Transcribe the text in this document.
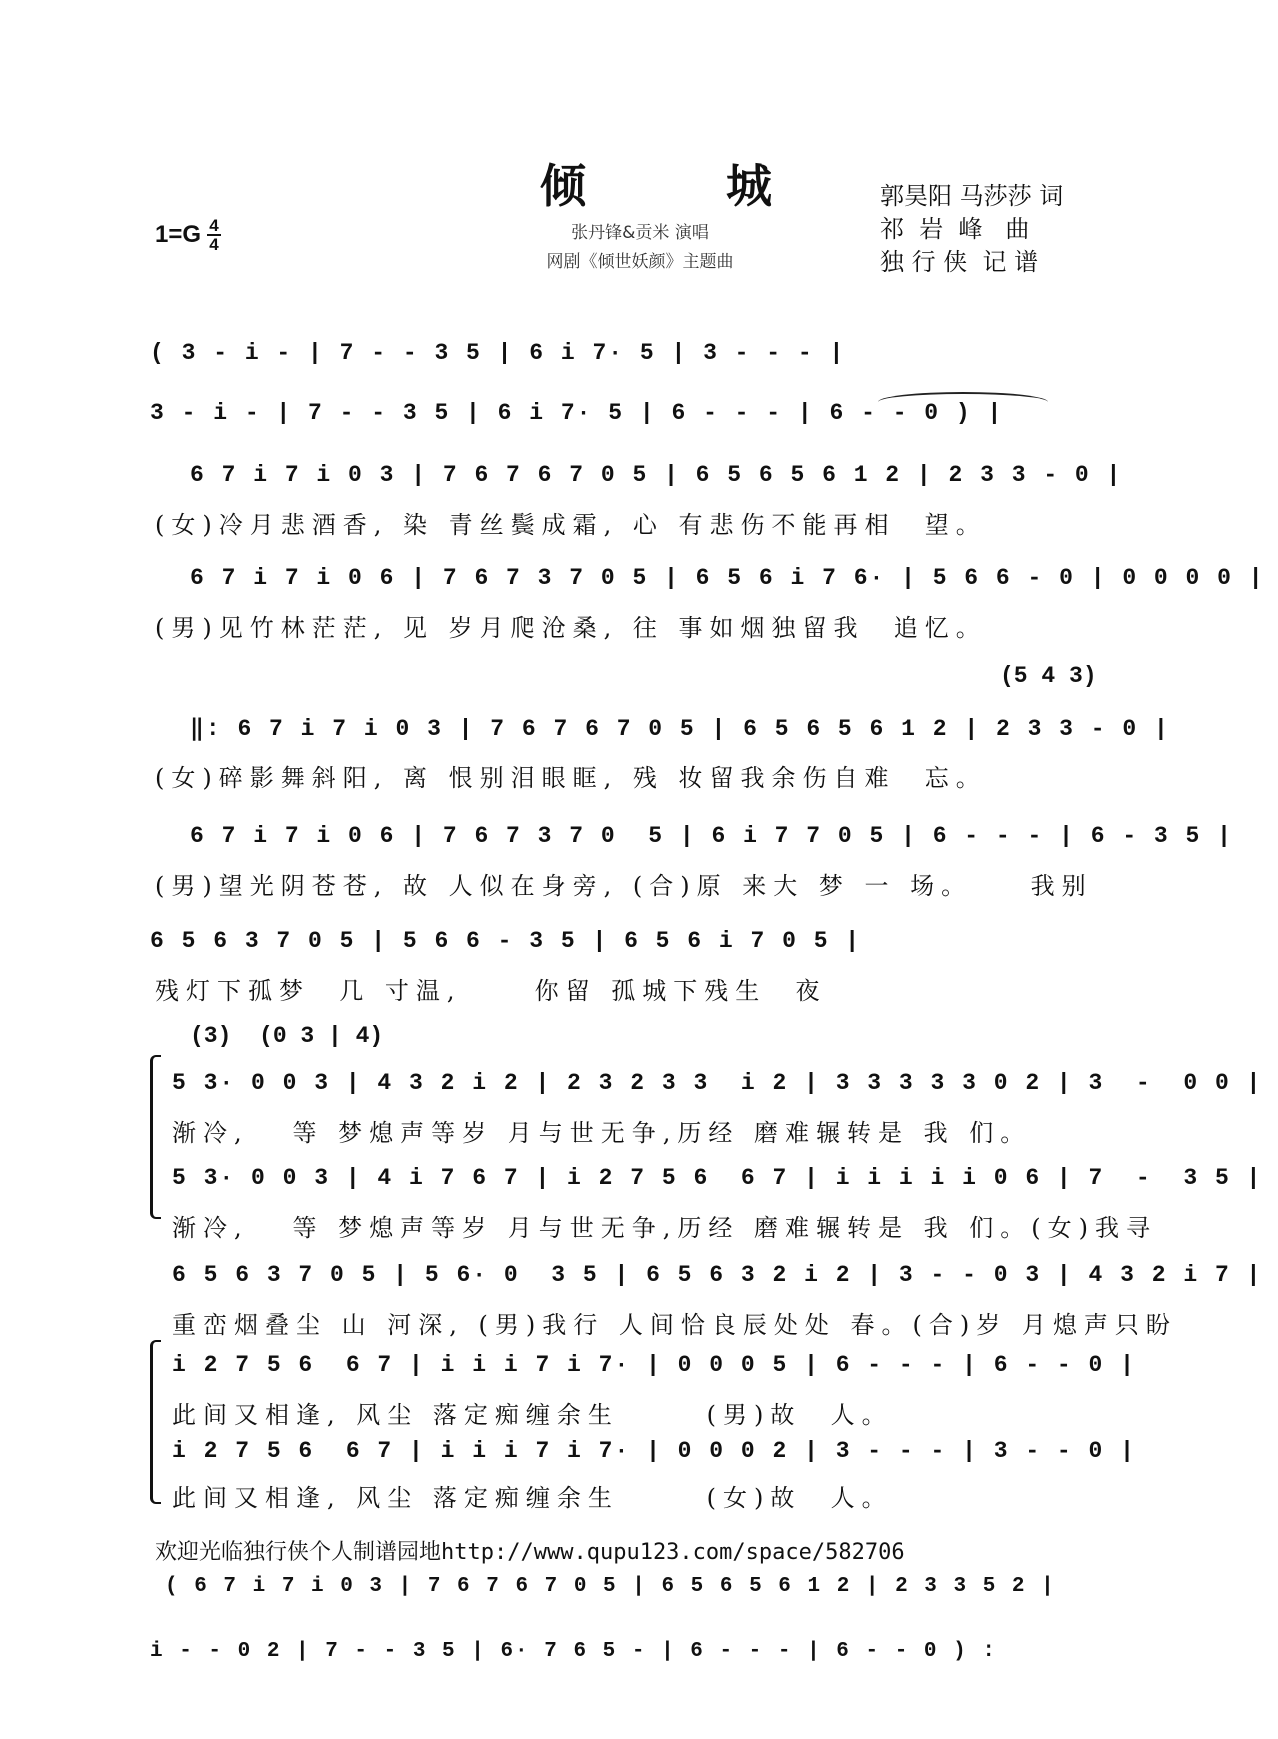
倾 城
1=G 4
4
张丹锋&贡米 演唱
网剧《倾世妖颜》主题曲
郭昊阳 马莎莎 词
祁  岩  峰   曲
独 行 侠  记 谱
( 3 - i - | 7 - - 3 5 | 6 i 7· 5 | 3 - - - |
3 - i - | 7 - - 3 5 | 6 i 7· 5 | 6 - - - | 6 - - 0 ) |
6 7 i 7 i 0 3 | 7 6 7 6 7 0 5 | 6 5 6 5 6 1 2 | 2 3 3 - 0 |
(女)冷月悲酒香, 染 青丝鬓成霜, 心 有悲伤不能再相  望。
6 7 i 7 i 0 6 | 7 6 7 3 7 0 5 | 6 5 6 i 7 6· | 5 6 6 - 0 | 0 0 0 0 |
(男)见竹林茫茫, 见 岁月爬沧桑, 往 事如烟独留我  追忆。
(5 4 3)
‖: 6 7 i 7 i 0 3 | 7 6 7 6 7 0 5 | 6 5 6 5 6 1 2 | 2 3 3 - 0 |
(女)碎影舞斜阳, 离 恨别泪眼眶, 残 妆留我余伤自难  忘。
6 7 i 7 i 0 6 | 7 6 7 3 7 0  5 | 6 i 7 7 0 5 | 6 - - - | 6 - 3 5 |
(男)望光阴苍苍, 故 人似在身旁, (合)原 来大 梦 一 场。    我别
6 5 6 3 7 0 5 | 5 6 6 - 3 5 | 6 5 6 i 7 0 5 |
残灯下孤梦  几 寸温,     你留 孤城下残生  夜
(3)  (0 3 | 4)
5 3· 0 0 3 | 4 3 2 i 2 | 2 3 2 3 3  i 2 | 3 3 3 3 3 0 2 | 3  -  0 0 |
渐冷,   等 梦熄声等岁 月与世无争,历经 磨难辗转是 我 们。
5 3· 0 0 3 | 4 i 7 6 7 | i 2 7 5 6  6 7 | i i i i i 0 6 | 7  -  3 5 |
渐冷,   等 梦熄声等岁 月与世无争,历经 磨难辗转是 我 们。(女)我寻
6 5 6 3 7 0 5 | 5 6· 0  3 5 | 6 5 6 3 2 i 2 | 3 - - 0 3 | 4 3 2 i 7 |
重峦烟叠尘 山 河深, (男)我行 人间恰良辰处处 春。(合)岁 月熄声只盼
i 2 7 5 6  6 7 | i i i 7 i 7· | 0 0 0 5 | 6 - - - | 6 - - 0 |
此间又相逢, 风尘 落定痴缠余生      (男)故  人。
i 2 7 5 6  6 7 | i i i 7 i 7· | 0 0 0 2 | 3 - - - | 3 - - 0 |
此间又相逢, 风尘 落定痴缠余生      (女)故  人。
欢迎光临独行侠个人制谱园地http://www.qupu123.com/space/582706
( 6 7 i 7 i 0 3 | 7 6 7 6 7 0 5 | 6 5 6 5 6 1 2 | 2 3 3 5 2 |
i - - 0 2 | 7 - - 3 5 | 6· 7 6 5 - | 6 - - - | 6 - - 0 ) :
